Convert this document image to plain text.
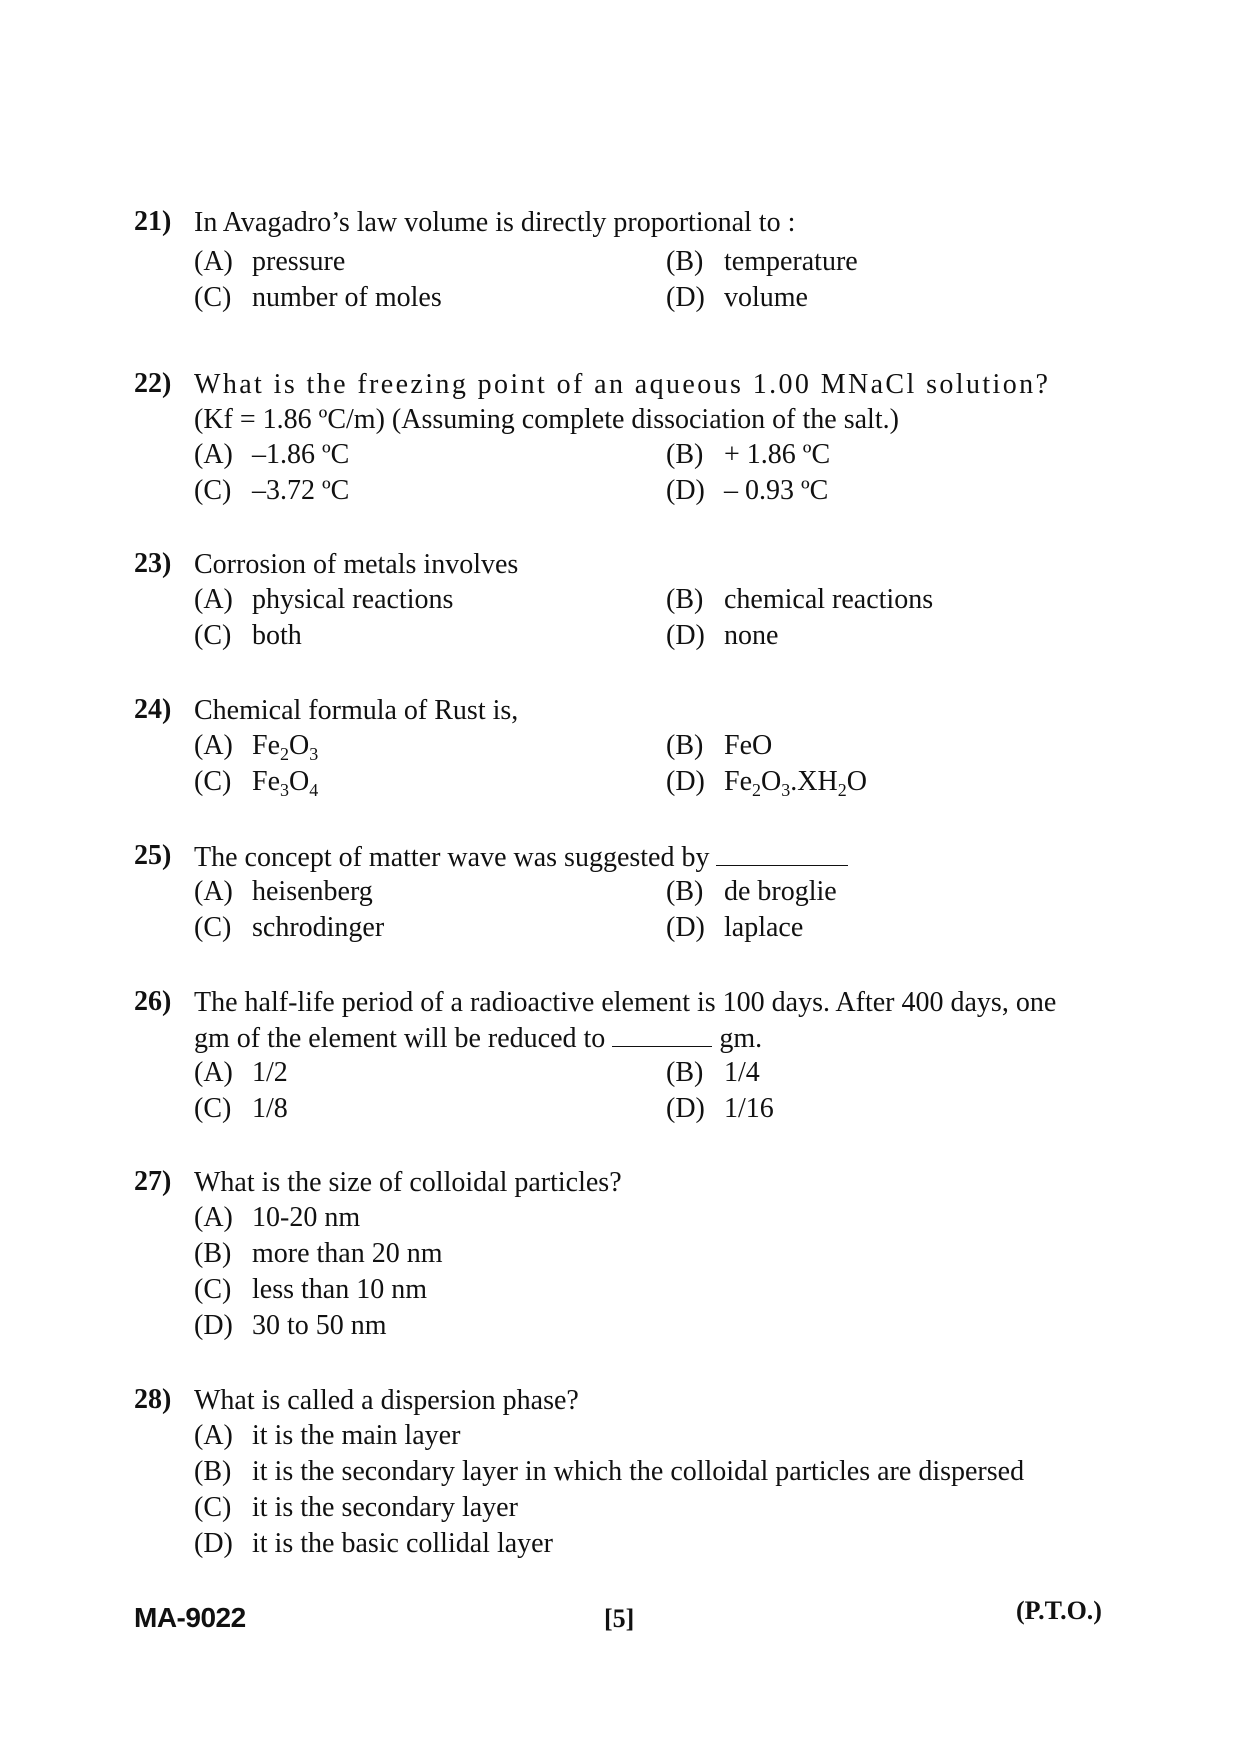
21) In Avagadro’s law volume is directly proportional to :
(A) pressure	(B) temperature
(C) number of moles	(D) volume
22) What is the freezing point of an aqueous 1.00 MNaCl solution?
(Kf = 1.86 ºC/m) (Assuming complete dissociation of the salt.)
(A) –1.86 ºC	(B) + 1.86 ºC
(C) –3.72 ºC	(D) – 0.93 ºC
23) Corrosion of metals involves
(A) physical reactions	(B) chemical reactions
(C) both	(D) none
24) Chemical formula of Rust is,
(A) $Fe_2O_3$	(B) FeO
(C) $Fe_3O_4$	(D) $Fe_2O_3.XH_2O$
25) The concept of matter wave was suggested by
(A) heisenberg	(B) de broglie
(C) schrodinger	(D) laplace
26) The half-life period of a radioactive element is 100 days. After 400 days, one
gm of the element will be reduced to	gm.
(A) 1/2	(B) 1/4
(C) 1/8	(D) 1/16
27) What is the size of colloidal particles?
(A) 10-20 nm
(B) more than 20 nm
(C) less than 10 nm
(D) 30 to 50 nm
28) What is called a dispersion phase?
(A) it is the main layer
(B) it is the secondary layer in which the colloidal particles are dispersed
(C) it is the secondary layer
(D) it is the basic collidal layer
MA-9022	[5]	(P.T.O.)
